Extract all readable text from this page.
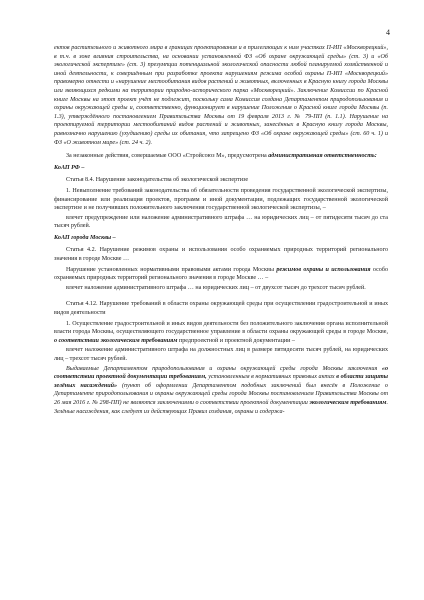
4

ектов растительного и животного мира в границах проектирования и в прилегающих к ним участках П-ИП «Москворецкий», в т.ч. в зоне влияния строительства, на основании установленной ФЗ «Об охране окружающей среды» (ст. 3) и «Об экологической экспертизе» (ст. 3) презумпции потенциальной экологической опасности любой планируемой хозяйственной и иной деятельности, к совершённым при разработке проекта нарушениям режима особой охраны П-ИП «Москворецкий» правомерно отнести и «нарушение местообитания видов растений и животных, включенных в Красную книгу города Москвы или являющихся редкими на территории природно-исторического парка «Москворецкий». Заключение Комиссии по Красной книге Москвы на этот проект учёт не подлежит, поскольку сама Комиссия создана Департаментом природопользования и охраны окружающей среды и, соответственно, функционирует в нарушение Положения о Красной книге города Москвы (п. 1.3), утверждённого постановлением Правительства Москвы от 19 февраля 2013 г. № 79-ПП (п. 1.1). Нарушение на проектируемой территории местообитаний видов растений и животных, занесённых в Красную книгу города Москвы, равнозначно нарушению (ухудшению) среды их обитания, что запрещено ФЗ «Об охране окружающей среды» (ст. 60 ч. 1) и ФЗ «О животном мире» (ст. 24 ч. 2).

За незаконные действия, совершаемые ООО «Стройсоюз М», предусмотрена административная ответственность:

КоАП РФ –

Статья 8.4. Нарушение законодательства об экологической экспертизе

1. Невыполнение требований законодательства об обязательности проведения государственной экологической экспертизы, финансирование или реализация проектов, программ и иной документации, подлежащих государственной экологической экспертизе и не получивших положительного заключения государственной экологической экспертизы, –

влечет предупреждение или наложение административного штрафа … на юридических лиц – от пятидесяти тысяч до ста тысяч рублей.

КоАП города Москвы –

Статья 4.2. Нарушение режимов охраны и использования особо охраняемых природных территорий регионального значения в городе Москве …

Нарушение установленных нормативными правовыми актами города Москвы режимов охраны и использования особо охраняемых природных территорий регионального значения в городе Москве … –

влечет наложение административного штрафа … на юридических лиц – от двухсот тысяч до трехсот тысяч рублей.

Статья 4.12. Нарушение требований в области охраны окружающей среды при осуществлении градостроительной и иных видов деятельности

1. Осуществление градостроительной и иных видов деятельности без положительного заключения органа исполнительной власти города Москвы, осуществляющего государственное управление в области охраны окружающей среды в городе Москве, о соответствии экологическим требованиям предпроектной и проектной документации –

влечет наложение административного штрафа на должностных лиц в размере пятидесяти тысяч рублей, на юридических лиц – трехсот тысяч рублей.

Выдаваемые Департаментом природопользования и охраны окружающей среды города Москвы заключения «о соответствии проектной документации требованиям, установленным в нормативных правовых актах в области защиты зелёных насаждений» (пункт об оформлении Департаментом подобных заключений был внесён в Положение о Департаменте природопользования и охраны окружающей среды города Москвы постановлением Правительства Москвы от 26 мая 2016 г. № 298-ПП) не являются заключениями о соответствии проектной документации экологическим требованиям. Зелёные насаждения, как следует из действующих Правил создания, охраны и содержа-
